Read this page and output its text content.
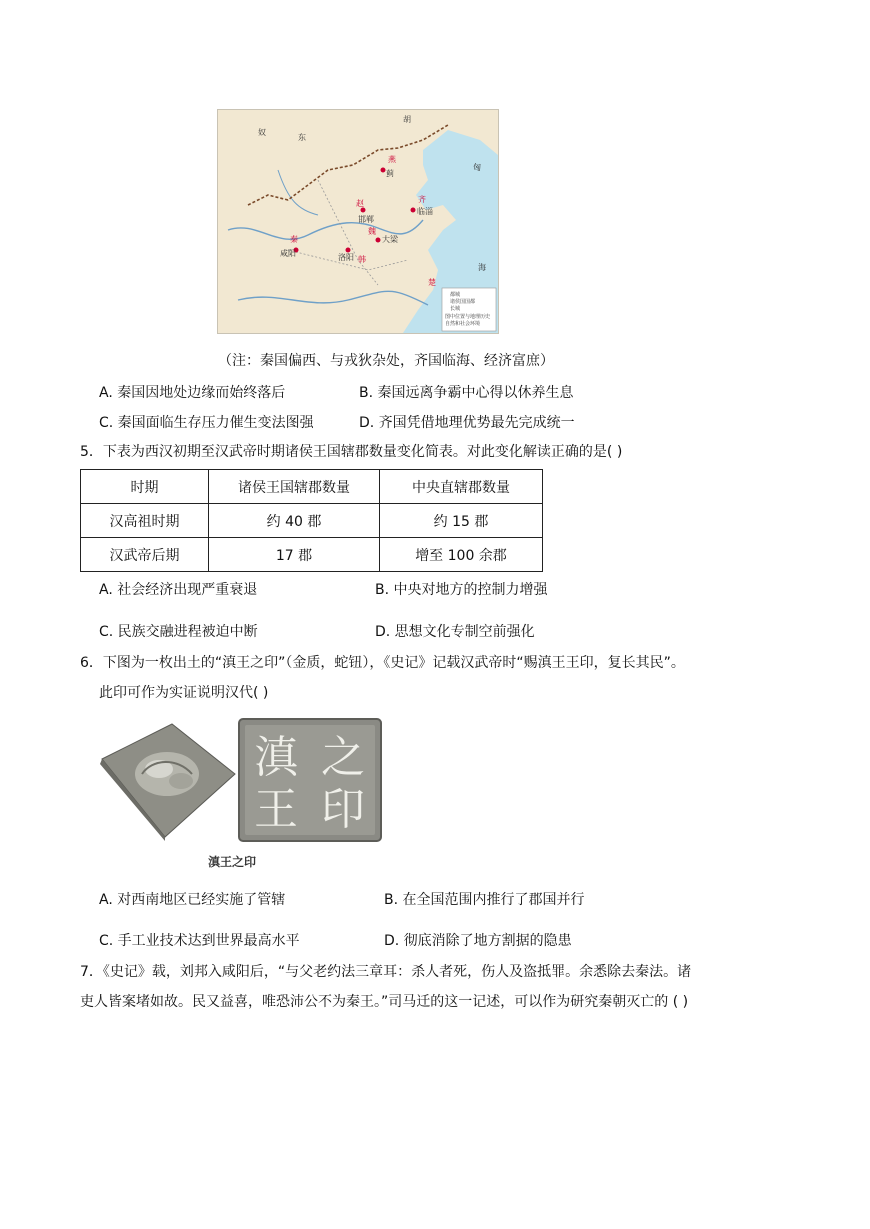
奴
东
胡
匈
燕
蓟
邯郸
赵
临淄
齐
大梁
魏
韩
洛阳
咸阳
秦
楚
海
都城
诸侯国国都
长城
图中位置与地理历史
自然和社会环境
（注：秦国偏西、与戎狄杂处，齐国临海、经济富庶）
A. 秦国因地处边缘而始终落后	B. 秦国远离争霸中心得以休养生息
C. 秦国面临生存压力催生变法图强	D. 齐国凭借地理优势最先完成统一
5．下表为西汉初期至汉武帝时期诸侯王国辖郡数量变化简表。对此变化解读正确的是( )
时期	诸侯王国辖郡数量	中央直辖郡数量
汉高祖时期	约 40 郡	约 15 郡
汉武帝后期	17 郡	增至 100 余郡
A. 社会经济出现严重衰退	B. 中央对地方的控制力增强
C. 民族交融进程被迫中断	D. 思想文化专制空前强化
6．下图为一枚出土的“滇王之印”（金质，蛇钮），《史记》记载汉武帝时“赐滇王王印，复长其民”。
此印可作为实证说明汉代( )
之
滇
王 印
滇王之印
A. 对西南地区已经实施了管辖	B. 在全国范围内推行了郡国并行
C. 手工业技术达到世界最高水平	D. 彻底消除了地方割据的隐患
7．《史记》载，刘邦入咸阳后，“与父老约法三章耳：杀人者死，伤人及盗抵罪。余悉除去秦法。诸
吏人皆案堵如故。民又益喜，唯恐沛公不为秦王。”司马迁的这一记述，可以作为研究秦朝灭亡的 ( )
